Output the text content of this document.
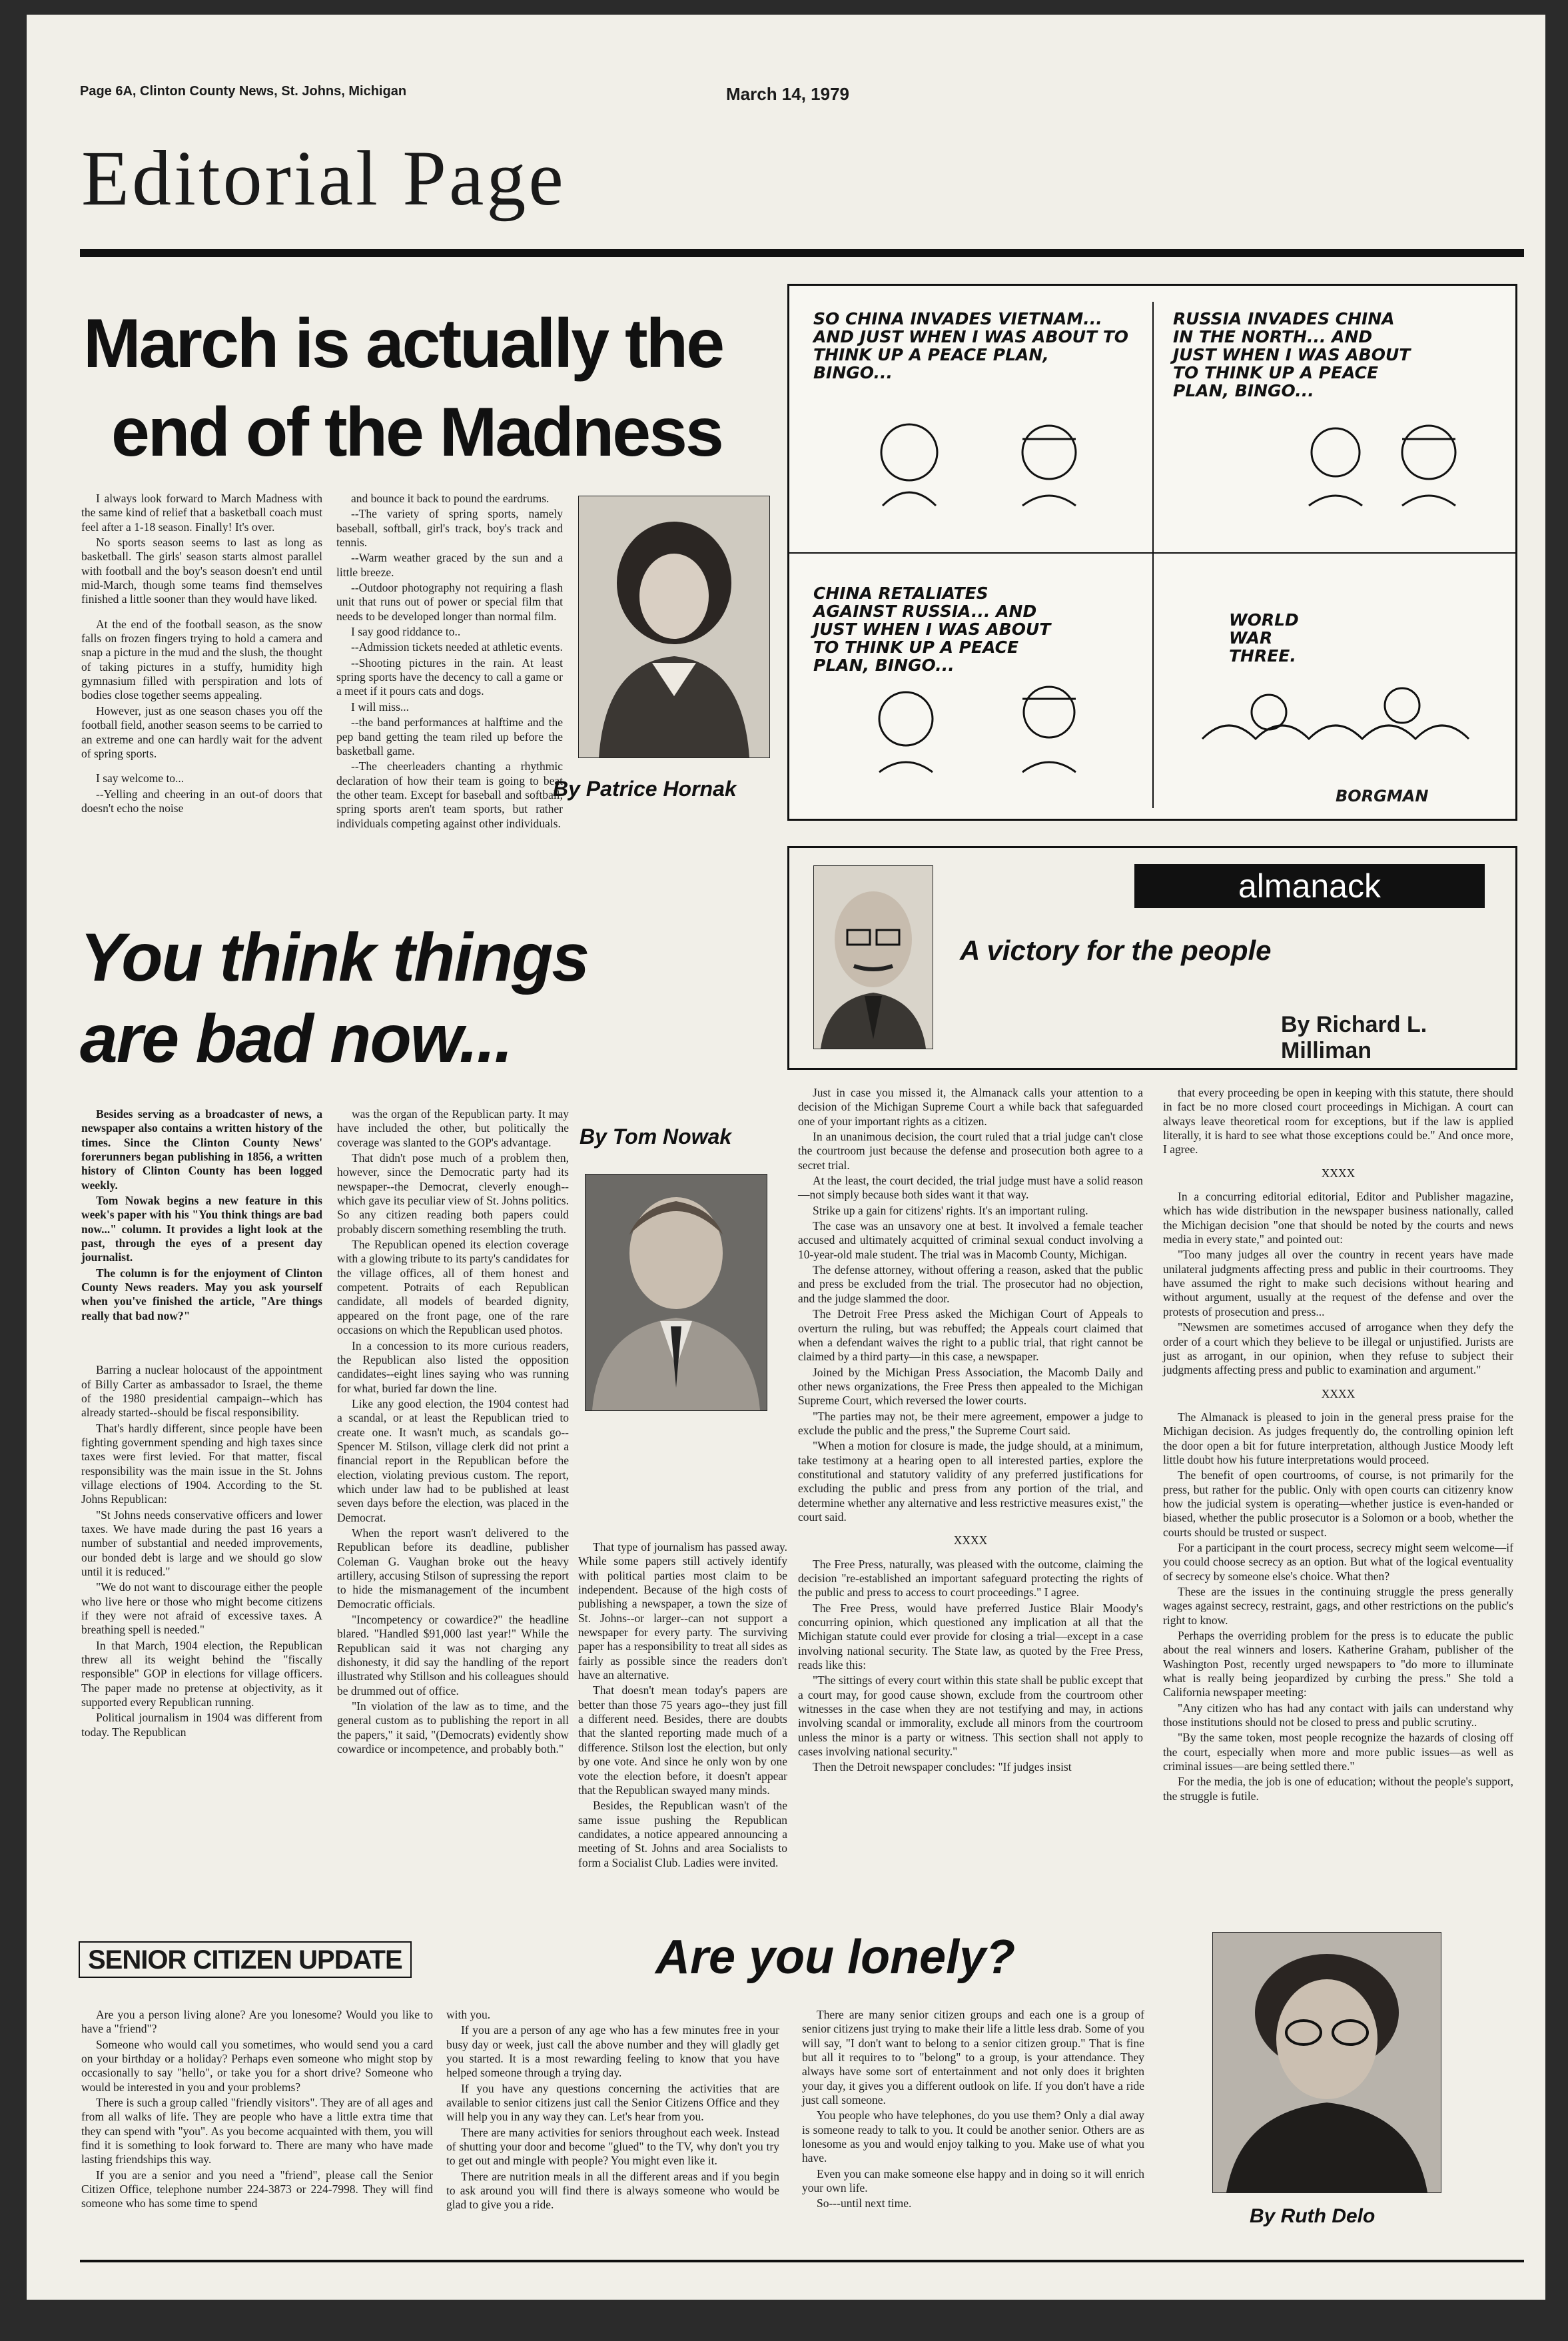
Page 6A, Clinton County News, St. Johns, Michigan	March 14, 1979
Editorial Page
March is actually the
end of the Madness

I always look forward to March Madness with the same kind of relief that a basketball coach must feel after a 1-18 season. Finally! It's over.

No sports season seems to last as long as basketball. The girls' season starts almost parallel with football and the boy's season doesn't end until mid-March, though some teams find themselves finished a little sooner than they would have liked.

At the end of the football season, as the snow falls on frozen fingers trying to hold a camera and snap a picture in the mud and the slush, the thought of taking pictures in a stuffy, humidity high gymnasium filled with perspiration and lots of bodies close together seems appealing.

However, just as one season chases you off the football field, another season seems to be carried to an extreme and one can hardly wait for the advent of spring sports.

I say welcome to...

--Yelling and cheering in an out-of doors that doesn't echo the noise

and bounce it back to pound the eardrums.

--The variety of spring sports, namely baseball, softball, girl's track, boy's track and tennis.

--Warm weather graced by the sun and a little breeze.

--Outdoor photography not requiring a flash unit that runs out of power or special film that needs to be developed longer than normal film.

I say good riddance to..

--Admission tickets needed at athletic events.

--Shooting pictures in the rain. At least spring sports have the decency to call a game or a meet if it pours cats and dogs.

I will miss...

--the band performances at halftime and the pep band getting the team riled up before the basketball game.

--The cheerleaders chanting a rhythmic declaration of how their team is going to beat the other team. Except for baseball and softball, spring sports aren't team sports, but rather individuals competing against other individuals.

By Patrice Hornak
SO CHINA INVADES VIETNAM... AND JUST WHEN I WAS ABOUT TO THINK UP A PEACE PLAN, BINGO...
RUSSIA INVADES CHINA IN THE NORTH... AND JUST WHEN I WAS ABOUT TO THINK UP A PEACE PLAN, BINGO...
CHINA RETALIATES AGAINST RUSSIA... AND JUST WHEN I WAS ABOUT TO THINK UP A PEACE PLAN, BINGO...
WORLD WAR THREE.
BORGMAN
almanack
A victory for the people
By Richard L. Milliman

Just in case you missed it, the Almanack calls your attention to a decision of the Michigan Supreme Court a while back that safeguarded one of your important rights as a citizen.

In an unanimous decision, the court ruled that a trial judge can't close the courtroom just because the defense and prosecution both agree to a secret trial.

At the least, the court decided, the trial judge must have a solid reason—not simply because both sides want it that way.

Strike up a gain for citizens' rights. It's an important ruling.

The case was an unsavory one at best. It involved a female teacher accused and ultimately acquitted of criminal sexual conduct involving a 10-year-old male student. The trial was in Macomb County, Michigan.

The defense attorney, without offering a reason, asked that the public and press be excluded from the trial. The prosecutor had no objection, and the judge slammed the door.

The Detroit Free Press asked the Michigan Court of Appeals to overturn the ruling, but was rebuffed; the Appeals court claimed that when a defendant waives the right to a public trial, that right cannot be claimed by a third party—in this case, a newspaper.

Joined by the Michigan Press Association, the Macomb Daily and other news organizations, the Free Press then appealed to the Michigan Supreme Court, which reversed the lower courts.

"The parties may not, be their mere agreement, empower a judge to exclude the public and the press," the Supreme Court said.

"When a motion for closure is made, the judge should, at a minimum, take testimony at a hearing open to all interested parties, explore the constitutional and statutory validity of any preferred justifications for excluding the public and press from any portion of the trial, and determine whether any alternative and less restrictive measures exist," the court said.

XXXX

The Free Press, naturally, was pleased with the outcome, claiming the decision "re-established an important safeguard protecting the rights of the public and press to access to court proceedings." I agree.

The Free Press, would have preferred Justice Blair Moody's concurring opinion, which questioned any implication at all that the Michigan statute could ever provide for closing a trial—except in a case involving national security. The State law, as quoted by the Free Press, reads like this:

"The sittings of every court within this state shall be public except that a court may, for good cause shown, exclude from the courtroom other witnesses in the case when they are not testifying and may, in actions involving scandal or immorality, exclude all minors from the courtroom unless the minor is a party or witness. This section shall not apply to cases involving national security."

Then the Detroit newspaper concludes: "If judges insist

that every proceeding be open in keeping with this statute, there should in fact be no more closed court proceedings in Michigan. A court can always leave theoretical room for exceptions, but if the law is applied literally, it is hard to see what those exceptions could be." And once more, I agree.

XXXX

In a concurring editorial editorial, Editor and Publisher magazine, which has wide distribution in the newspaper business nationally, called the Michigan decision "one that should be noted by the courts and news media in every state," and pointed out:

"Too many judges all over the country in recent years have made unilateral judgments affecting press and public in their courtrooms. They have assumed the right to make such decisions without hearing and without argument, usually at the request of the defense and over the protests of prosecution and press...

"Newsmen are sometimes accused of arrogance when they defy the order of a court which they believe to be illegal or unjustified. Jurists are just as arrogant, in our opinion, when they refuse to subject their judgments affecting press and public to examination and argument."

XXXX

The Almanack is pleased to join in the general press praise for the Michigan decision. As judges frequently do, the controlling opinion left the door open a bit for future interpretation, although Justice Moody left little doubt how his future interpretations would proceed.

The benefit of open courtrooms, of course, is not primarily for the press, but rather for the public. Only with open courts can citizenry know how the judicial system is operating—whether justice is even-handed or biased, whether the public prosecutor is a Solomon or a boob, whether the courts should be trusted or suspect.

For a participant in the court process, secrecy might seem welcome—if you could choose secrecy as an option. But what of the logical eventuality of secrecy by someone else's choice. What then?

These are the issues in the continuing struggle the press generally wages against secrecy, restraint, gags, and other restrictions on the public's right to know.

Perhaps the overriding problem for the press is to educate the public about the real winners and losers. Katherine Graham, publisher of the Washington Post, recently urged newspapers to "do more to illuminate what is really being jeopardized by curbing the press." She told a California newspaper meeting:

"Any citizen who has had any contact with jails can understand why those institutions should not be closed to press and public scrutiny..

"By the same token, most people recognize the hazards of closing off the court, especially when more and more public issues—as well as criminal issues—are being settled there."

For the media, the job is one of education; without the people's support, the struggle is futile.

You think things
are bad now...

Besides serving as a broadcaster of news, a newspaper also contains a written history of the times. Since the Clinton County News' forerunners began publishing in 1856, a written history of Clinton County has been logged weekly.

Tom Nowak begins a new feature in this week's paper with his "You think things are bad now..." column. It provides a light look at the past, through the eyes of a present day journalist.

The column is for the enjoyment of Clinton County News readers. May you ask yourself when you've finished the article, "Are things really that bad now?"

Barring a nuclear holocaust of the appointment of Billy Carter as ambassador to Israel, the theme of the 1980 presidential campaign--which has already started--should be fiscal responsibility.

That's hardly different, since people have been fighting government spending and high taxes since taxes were first levied. For that matter, fiscal responsibility was the main issue in the St. Johns village elections of 1904. According to the St. Johns Republican:

"St Johns needs conservative officers and lower taxes. We have made during the past 16 years a number of substantial and needed improvements, our bonded debt is large and we should go slow until it is reduced."

"We do not want to discourage either the people who live here or those who might become citizens if they were not afraid of excessive taxes. A breathing spell is needed."

In that March, 1904 election, the Republican threw all its weight behind the "fiscally responsible" GOP in elections for village officers. The paper made no pretense at objectivity, as it supported every Republican running.

Political journalism in 1904 was different from today. The Republican

was the organ of the Republican party. It may have included the other, but politically the coverage was slanted to the GOP's advantage.

That didn't pose much of a problem then, however, since the Democratic party had its newspaper--the Democrat, cleverly enough--which gave its peculiar view of St. Johns politics. So any citizen reading both papers could probably discern something resembling the truth.

The Republican opened its election coverage with a glowing tribute to its party's candidates for the village offices, all of them honest and competent. Potraits of each Republican candidate, all models of bearded dignity, appeared on the front page, one of the rare occasions on which the Republican used photos.

In a concession to its more curious readers, the Republican also listed the opposition candidates--eight lines saying who was running for what, buried far down the line.

Like any good election, the 1904 contest had a scandal, or at least the Republican tried to create one. It wasn't much, as scandals go--Spencer M. Stilson, village clerk did not print a financial report in the Republican before the election, violating previous custom. The report, which under law had to be published at least seven days before the election, was placed in the Democrat.

When the report wasn't delivered to the Republican before its deadline, publisher Coleman G. Vaughan broke out the heavy artillery, accusing Stilson of supressing the report to hide the mismanagement of the incumbent Democratic officials.

"Incompetency or cowardice?" the headline blared. "Handled $91,000 last year!" While the Republican said it was not charging any dishonesty, it did say the handling of the report illustrated why Stillson and his colleagues should be drummed out of office.

"In violation of the law as to time, and the general custom as to publishing the report in all the papers," it said, "(Democrats) evidently show cowardice or incompetence, and probably both."

By Tom Nowak

That type of journalism has passed away. While some papers still actively identify with political parties most claim to be independent. Because of the high costs of publishing a newspaper, a town the size of St. Johns--or larger--can not support a newspaper for every party. The surviving paper has a responsibility to treat all sides as fairly as possible since the readers don't have an alternative.

That doesn't mean today's papers are better than those 75 years ago--they just fill a different need. Besides, there are doubts that the slanted reporting made much of a difference. Stilson lost the election, but only by one vote. And since he only won by one vote the election before, it doesn't appear that the Republican swayed many minds.

Besides, the Republican wasn't of the same issue pushing the Republican candidates, a notice appeared announcing a meeting of St. Johns and area Socialists to form a Socialist Club. Ladies were invited.

SENIOR CITIZEN UPDATE	Are you lonely?

Are you a person living alone? Are you lonesome? Would you like to have a "friend"?

Someone who would call you sometimes, who would send you a card on your birthday or a holiday? Perhaps even someone who might stop by occasionally to say "hello", or take you for a short drive? Someone who would be interested in you and your problems?

There is such a group called "friendly visitors". They are of all ages and from all walks of life. They are people who have a little extra time that they can spend with "you". As you become acquainted with them, you will find it is something to look forward to. There are many who have made lasting friendships this way.

If you are a senior and you need a "friend", please call the Senior Citizen Office, telephone number 224-3873 or 224-7998. They will find someone who has some time to spend

with you.

If you are a person of any age who has a few minutes free in your busy day or week, just call the above number and they will gladly get you started. It is a most rewarding feeling to know that you have helped someone through a trying day.

If you have any questions concerning the activities that are available to senior citizens just call the Senior Citizens Office and they will help you in any way they can. Let's hear from you.

There are many activities for seniors throughout each week. Instead of shutting your door and become "glued" to the TV, why don't you try to get out and mingle with people? You might even like it.

There are nutrition meals in all the different areas and if you begin to ask around you will find there is always someone who would be glad to give you a ride.

There are many senior citizen groups and each one is a group of senior citizens just trying to make their life a little less drab. Some of you will say, "I don't want to belong to a senior citizen group." That is fine but all it requires to to "belong" to a group, is your attendance. They always have some sort of entertainment and not only does it brighten your day, it gives you a different outlook on life. If you don't have a ride just call someone.

You people who have telephones, do you use them? Only a dial away is someone ready to talk to you. It could be another senior. Others are as lonesome as you and would enjoy talking to you. Make use of what you have.

Even you can make someone else happy and in doing so it will enrich your own life.

So---until next time.

By Ruth Delo
